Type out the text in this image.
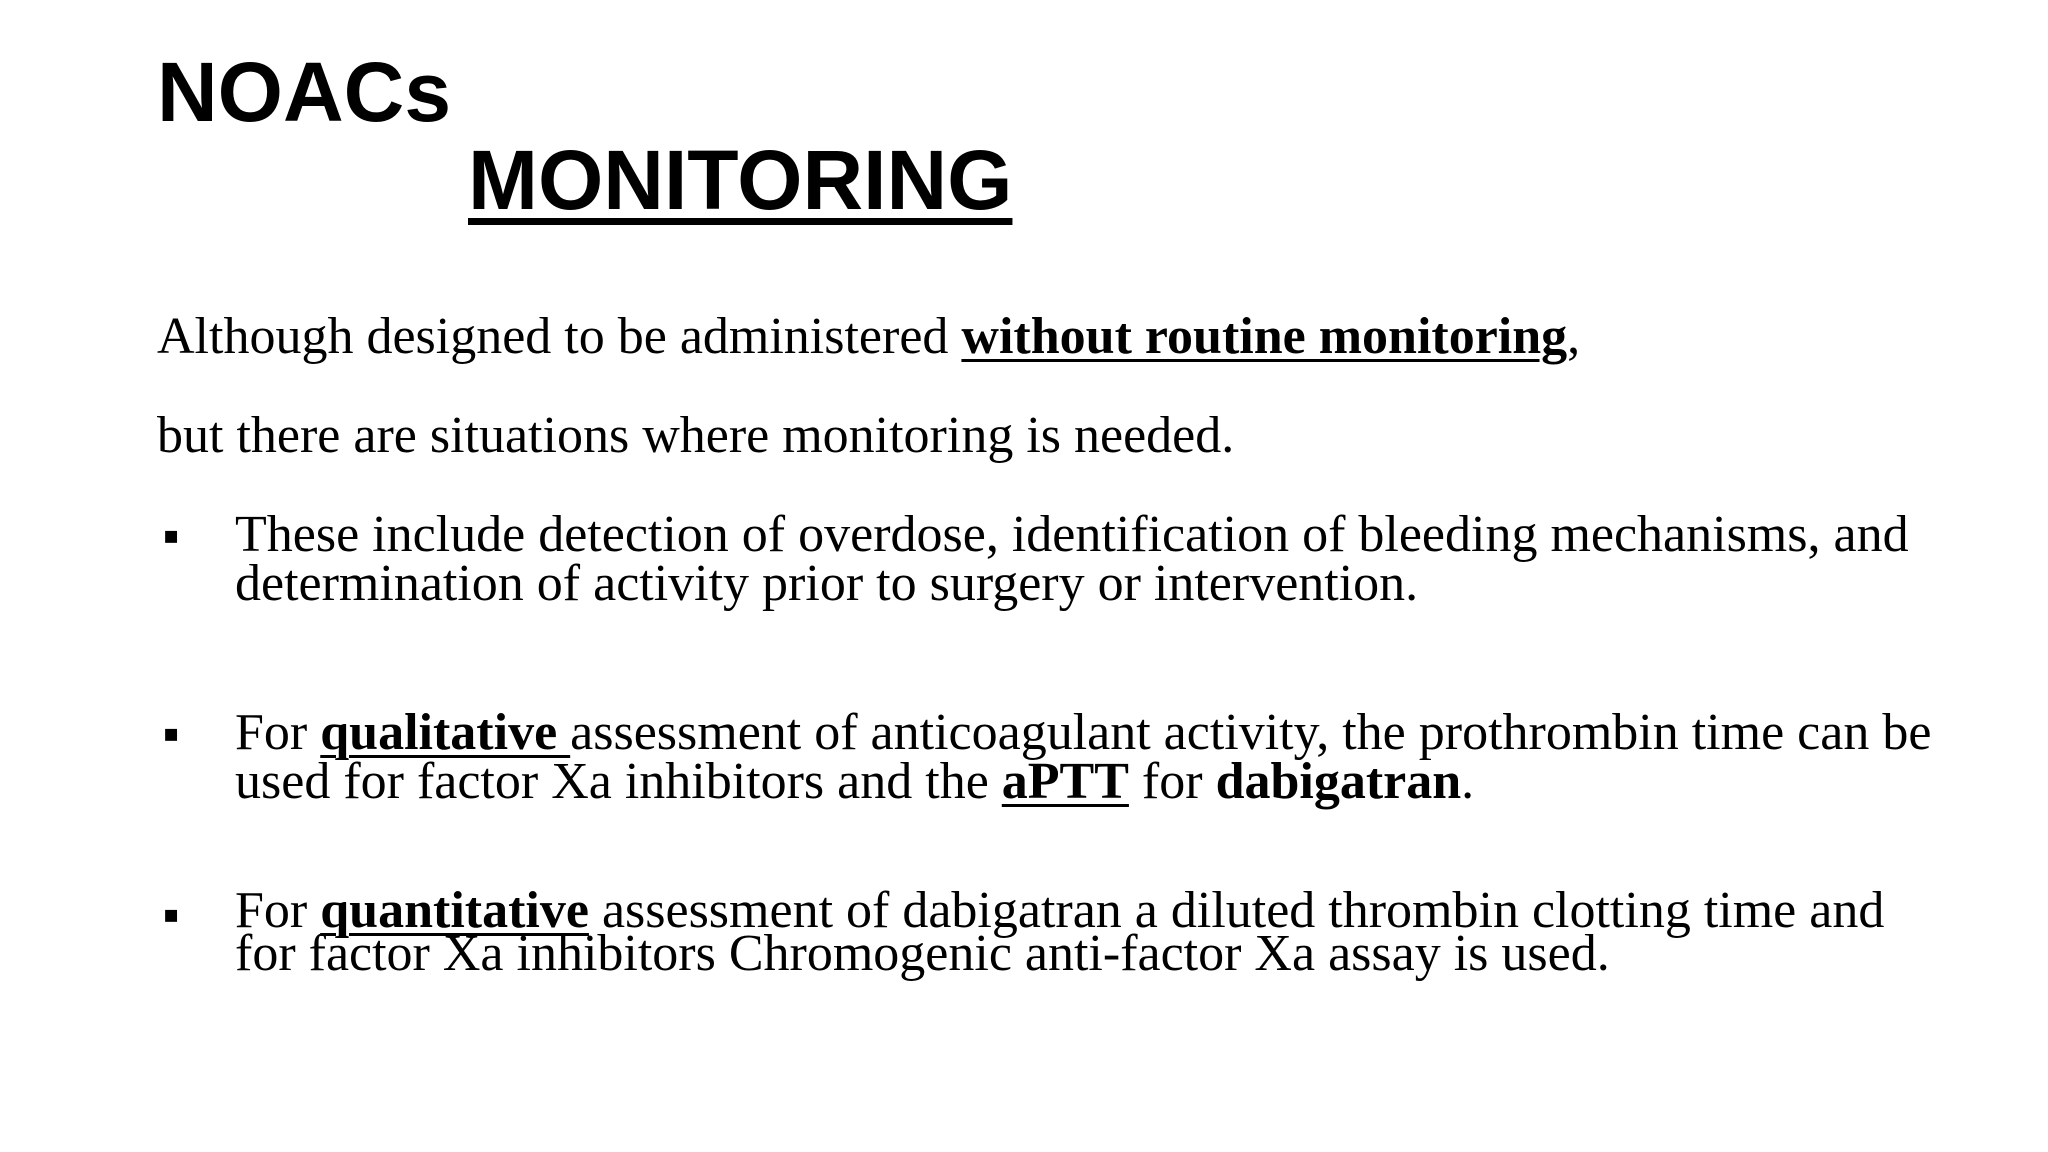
NOACs
MONITORING
Although designed to be administered without routine monitoring,
but there are situations where monitoring is needed.
▪ These include detection of overdose, identification of bleeding mechanisms, and determination of activity prior to surgery or intervention.
▪ For qualitative assessment of anticoagulant activity, the prothrombin time can be used for factor Xa inhibitors and the aPTT for dabigatran.
▪ For quantitative assessment of dabigatran a diluted thrombin clotting time and for factor Xa inhibitors Chromogenic anti-factor Xa assay is used.
